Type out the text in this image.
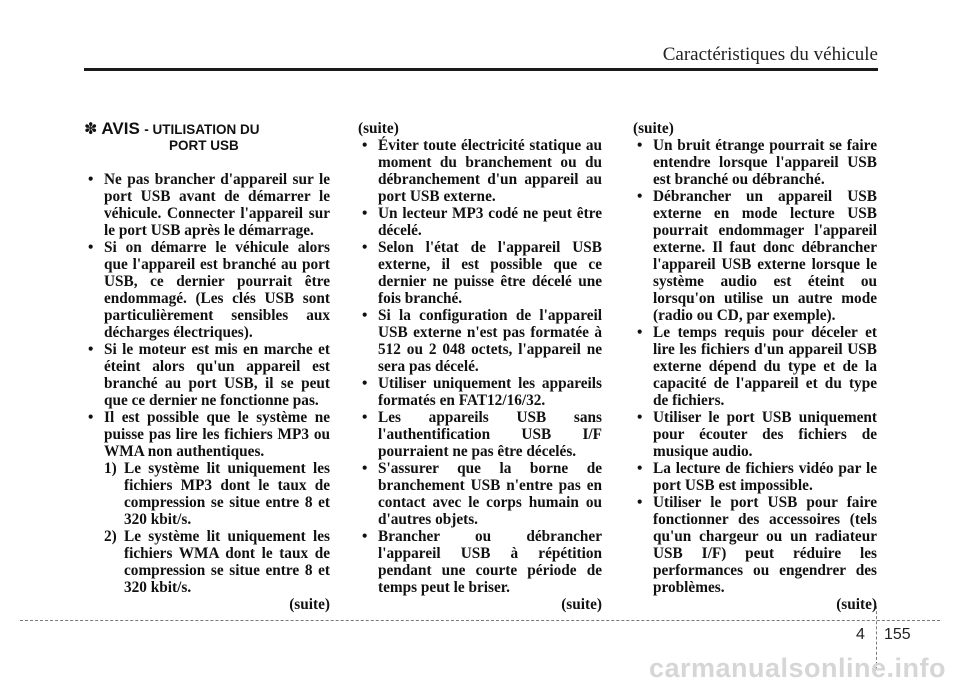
Caractéristiques du véhicule
✽ AVIS - UTILISATION DU
PORT USB
• Ne pas brancher d'appareil sur le port USB avant de démarrer le véhicule. Connecter l'appareil sur le port USB après le démarrage.
• Si on démarre le véhicule alors que l'appareil est branché au port USB, ce dernier pourrait être endommagé. (Les clés USB sont particulièrement sensibles aux décharges électriques).
• Si le moteur est mis en marche et éteint alors qu'un appareil est branché au port USB, il se peut que ce dernier ne fonctionne pas.
• Il est possible que le système ne puisse pas lire les fichiers MP3 ou WMA non authentiques.
1) Le système lit uniquement les fichiers MP3 dont le taux de compression se situe entre 8 et 320 kbit/s.
2) Le système lit uniquement les fichiers WMA dont le taux de compression se situe entre 8 et 320 kbit/s.
(suite)
(suite)
• Éviter toute électricité statique au moment du branchement ou du débranchement d'un appareil au port USB externe.
• Un lecteur MP3 codé ne peut être décelé.
• Selon l'état de l'appareil USB externe, il est possible que ce dernier ne puisse être décelé une fois branché.
• Si la configuration de l'appareil USB externe n'est pas formatée à 512 ou 2 048 octets, l'appareil ne sera pas décelé.
• Utiliser uniquement les appareils formatés en FAT12/16/32.
• Les appareils USB sans l'authentification USB I/F pourraient ne pas être décelés.
• S'assurer que la borne de branchement USB n'entre pas en contact avec le corps humain ou d'autres objets.
• Brancher ou débrancher l'appareil USB à répétition pendant une courte période de temps peut le briser.
(suite)
(suite)
• Un bruit étrange pourrait se faire entendre lorsque l'appareil USB est branché ou débranché.
• Débrancher un appareil USB externe en mode lecture USB pourrait endommager l'appareil externe. Il faut donc débrancher l'appareil USB externe lorsque le système audio est éteint ou lorsqu'on utilise un autre mode (radio ou CD, par exemple).
• Le temps requis pour déceler et lire les fichiers d'un appareil USB externe dépend du type et de la capacité de l'appareil et du type de fichiers.
• Utiliser le port USB uniquement pour écouter des fichiers de musique audio.
• La lecture de fichiers vidéo par le port USB est impossible.
• Utiliser le port USB pour faire fonctionner des accessoires (tels qu'un chargeur ou un radiateur USB I/F) peut réduire les performances ou engendrer des problèmes.
(suite)
4 155
carmanualsonline.info
